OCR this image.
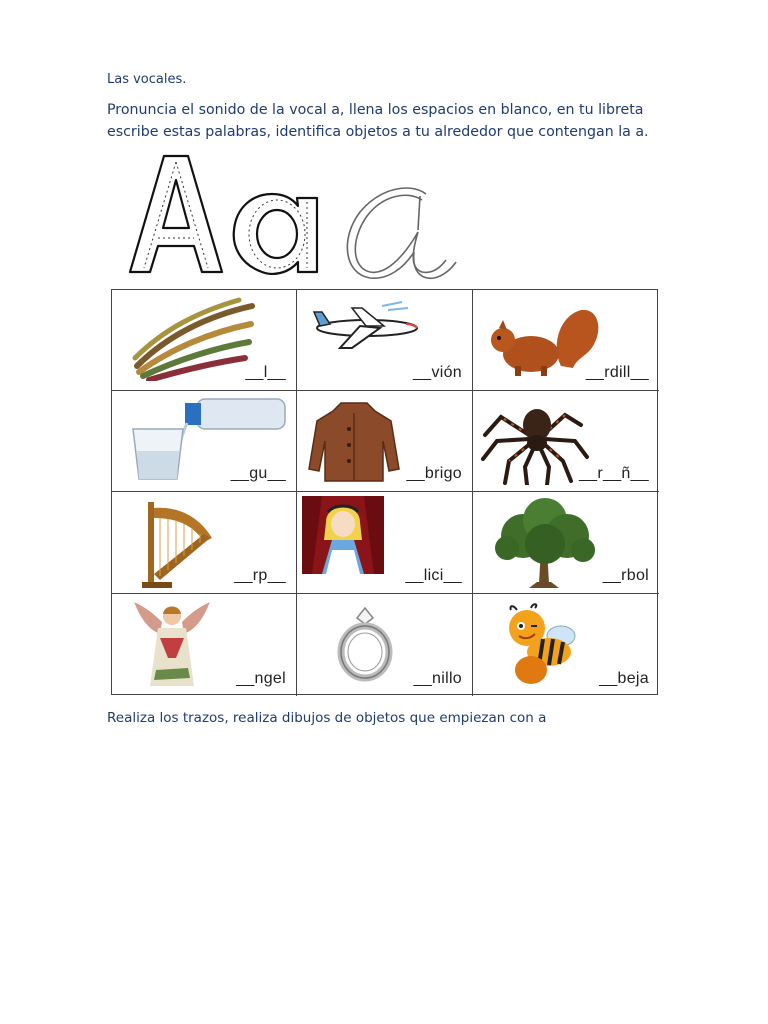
Las vocales.
Pronuncia el sonido de la vocal a, llena los espacios en blanco, en tu libreta escribe estas palabras, identifica objetos a tu alrededor que contengan la a.
__l__	__vión	__rdill__
__gu__	__brigo	__r__ñ__
__rp__	__lici__	__rbol
__ngel	__nillo	__beja
Realiza los trazos, realiza dibujos de objetos que empiezan con a
